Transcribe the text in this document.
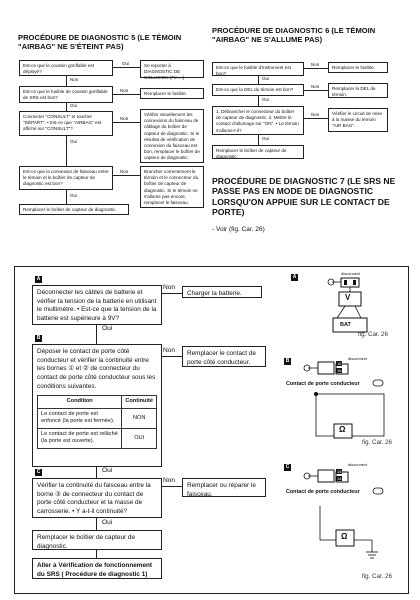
PROCÉDURE DE DIAGNOSTIC 5 (LE TÉMOIN "AIRBAG" NE S'ÉTEINT PAS)
Est-ce que le coussin gonflable est déployé?
Oui	Se reporter à DIAGNOSTIC DE COLLISION (Fin ...)
Non
Est-ce que le fusible de coussin gonflable de SRS est bon?
Non
Remplacer le fusible.
Oui
Connecter "CONSULT" et toucher "DÉPART". • Est-ce que "AIRBAG" est affiché sur "CONSULT"?
Non
Vérifier visuellement les connexions du faisceau de câblage du boîtier de capteur de diagnostic. Si le résultat de vérification de connexion du faisceau est bon, remplacer le boîtier de capteur de diagnostic.
Oui
Est-ce que la connexion de faisceau entre le témoin et le boîtier de capteur de diagnostic est bon?
Non	Brancher correctement le témoin et le connecteur du boîtier de capteur de diagnostic. Si le témoin ne s'allume pas encore, remplacer le faisceau.
Oui
Remplacer le boîtier de capteur de diagnostic.
PROCÉDURE DE DIAGNOSTIC 6 (LE TÉMOIN "AIRBAG" NE S'ALLUME PAS)
Est-ce que le fusible d'instrument est bon?
Non
Remplacer le fusible.
Oui
Est-ce que la DEL du témoin est bon?
Non	Remplacer la DEL de témoin.
Oui
1. Débrancher le connecteur du boîtier de capteur de diagnostic. 2. Mettre le contact d'allumage sur "ON". • Le témoin s'allume-t-il?
Non	Vérifier le circuit de mise à la masse du témoin "AIR BAG".
Oui
Remplacer le boîtier de capteur de diagnostic.
PROCÉDURE DE DIAGNOSTIC 7 (LE SRS NE PASSE PAS EN MODE DE DIAGNOSTIC LORSQU'ON APPUIE SUR LE CONTACT DE PORTE)
- Voir (fig. Car. 26)
A
Déconnecter les câbles de batterie et vérifier la tension de la batterie en utilisant le multimètre. • Est-ce que la tension de la batterie est supérieure à 9V?
Non
Charger la batterie.
Oui
B
Déposer le contact de porte côté conducteur et vérifier la continuité entre les bornes ① et ② de connecteur du contact de porte côté conducteur sous les conditions suivantes.
Condition	Continuité
Le contact de porte est enfoncé (la porte est fermée).	NON
Le contact de porte est relâché (la porte est ouverte).	OUI
Non	Remplacer le contact de porte côté conducteur.
Oui
C
Vérifier la continuité du faisceau entre la borne ③ de connecteur du contact de porte côté conducteur et la masse de carrosserie. • Y a-t-il continuité?
Non
Remplacer ou réparer le faisceau.
Oui
Remplacer le boîtier de capteur de diagnostic.
Aller à Vérification de fonctionnement du SRS ( Procédure de diagnostic 1)
A
disconnect
V
BAT
fig. Car. 26
B	disconnect
15
16
Contact de porte conducteur
Ω
fig. Car. 26
C	disconnect
15
16
Contact de porte conducteur
Ω
fig. Car. 26
